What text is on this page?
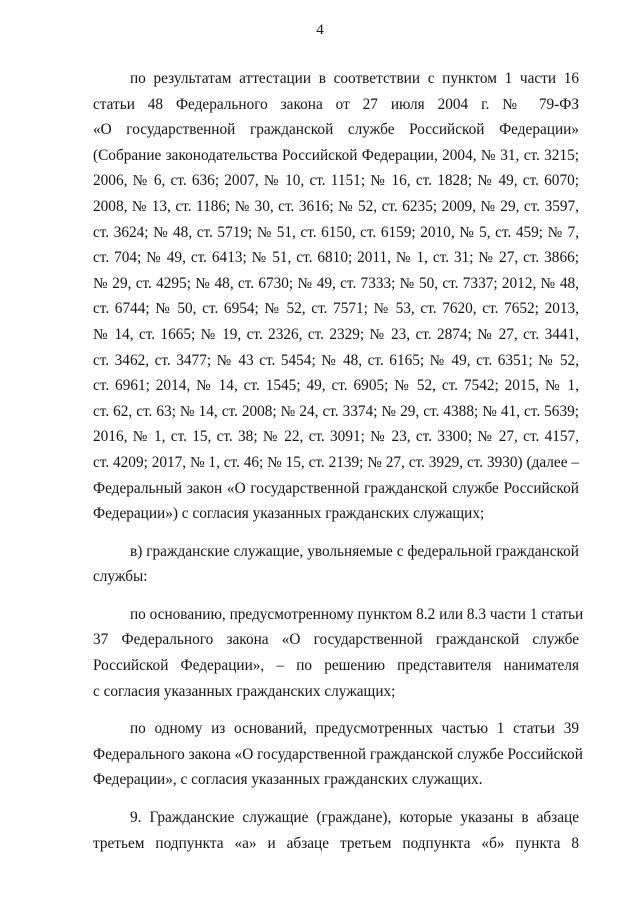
4

по результатам аттестации в соответствии с пунктом 1 части 16
статьи 48 Федерального закона от 27 июля 2004 г. № 79-ФЗ
«О государственной гражданской службе Российской Федерации»
(Собрание законодательства Российской Федерации, 2004, № 31, ст. 3215;
2006, № 6, ст. 636; 2007, № 10, ст. 1151; № 16, ст. 1828; № 49, ст. 6070;
2008, № 13, ст. 1186; № 30, ст. 3616; № 52, ст. 6235; 2009, № 29, ст. 3597,
ст. 3624; № 48, ст. 5719; № 51, ст. 6150, ст. 6159; 2010, № 5, ст. 459; № 7,
ст. 704; № 49, ст. 6413; № 51, ст. 6810; 2011, № 1, ст. 31; № 27, ст. 3866;
№ 29, ст. 4295; № 48, ст. 6730; № 49, ст. 7333; № 50, ст. 7337; 2012, № 48,
ст. 6744; № 50, ст. 6954; № 52, ст. 7571; № 53, ст. 7620, ст. 7652; 2013,
№ 14, ст. 1665; № 19, ст. 2326, ст. 2329; № 23, ст. 2874; № 27, ст. 3441,
ст. 3462, ст. 3477; № 43 ст. 5454; № 48, ст. 6165; № 49, ст. 6351; № 52,
ст. 6961; 2014, № 14, ст. 1545; 49, ст. 6905; № 52, ст. 7542; 2015, № 1,
ст. 62, ст. 63; № 14, ст. 2008; № 24, ст. 3374; № 29, ст. 4388; № 41, ст. 5639;
2016, № 1, ст. 15, ст. 38; № 22, ст. 3091; № 23, ст. 3300; № 27, ст. 4157,
ст. 4209; 2017, № 1, ст. 46; № 15, ст. 2139; № 27, ст. 3929, ст. 3930) (далее –
Федеральный закон «О государственной гражданской службе Российской
Федерации») с согласия указанных гражданских служащих;

в) гражданские служащие, увольняемые с федеральной гражданской
службы:

по основанию, предусмотренному пунктом 8.2 или 8.3 части 1 статьи
37 Федерального закона «О государственной гражданской службе
Российской Федерации», – по решению представителя нанимателя
с согласия указанных гражданских служащих;

по одному из оснований, предусмотренных частью 1 статьи 39
Федерального закона «О государственной гражданской службе Российской
Федерации», с согласия указанных гражданских служащих.

9. Гражданские служащие (граждане), которые указаны в абзаце
третьем подпункта «а» и абзаце третьем подпункта «б» пункта 8
